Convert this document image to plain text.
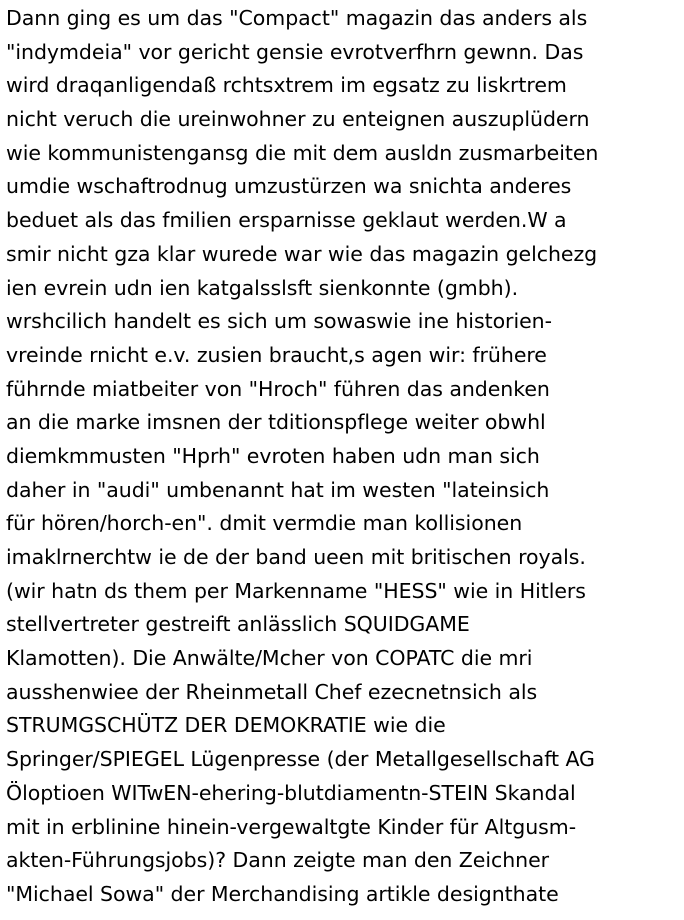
Dann ging es um das "Compact" magazin das anders als
"indymdeia" vor gericht gensie evrotverfhrn gewnn. Das
wird draqanligendaß rchtsxtrem im egsatz zu liskrtrem
nicht veruch die ureinwohner zu enteignen auszuplüdern
wie kommunistengansg die mit dem ausldn zusmarbeiten
umdie wschaftrodnug umzustürzen wa snichta anderes
beduet als das fmilien ersparnisse geklaut werden.W a
smir nicht gza klar wurede war wie das magazin gelchezg
ien evrein udn ien katgalsslsft sienkonnte (gmbh).
wrshcilich handelt es sich um sowaswie ine historien-
vreinde rnicht e.v. zusien braucht,s agen wir: frühere
führnde miatbeiter von "Hroch" führen das andenken
an die marke imsnen der tditionspflege weiter obwhl
diemkmmusten "Hprh" evroten haben udn man sich
daher in "audi" umbenannt hat im westen "lateinsich
für hören/horch-en". dmit vermdie man kollisionen
imaklrnerchtw ie de der band ueen mit britischen royals.
(wir hatn ds them per Markenname "HESS" wie in Hitlers
stellvertreter gestreift anlässlich SQUIDGAME
Klamotten). Die Anwälte/Mcher von COPATC die mri
ausshenwiee der Rheinmetall Chef ezecnetnsich als
STRUMGSCHÜTZ DER DEMOKRATIE wie die
Springer/SPIEGEL Lügenpresse (der Metallgesellschaft AG
Öloptioen WITwEN-ehering-blutdiamentn-STEIN Skandal
mit in erblinine hinein-vergewaltgte Kinder für Altgusm-
akten-Führungsjobs)? Dann zeigte man den Zeichner
"Michael Sowa" der Merchandising artikle designthate
